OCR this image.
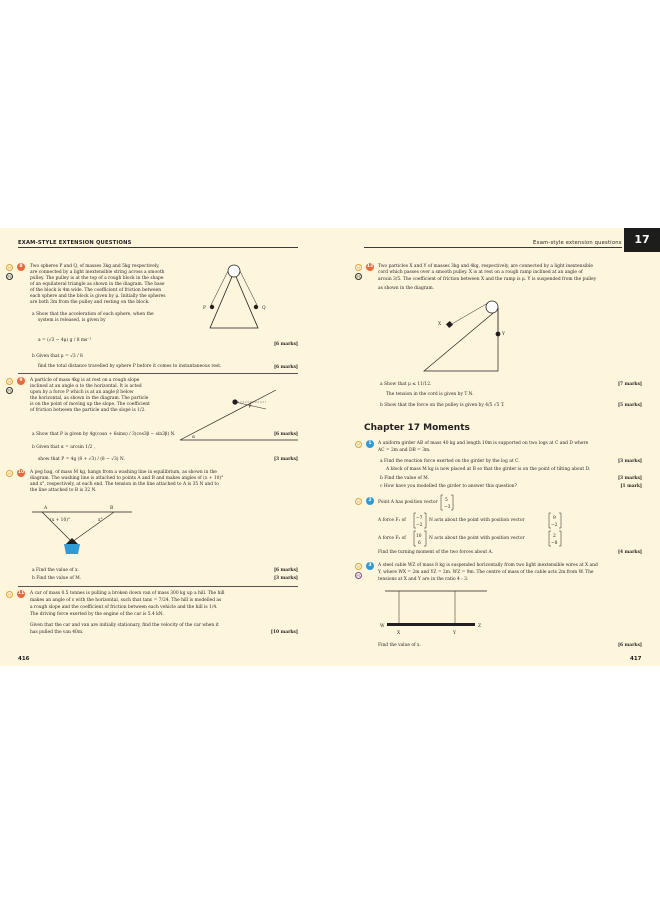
EXAM-STYLE EXTENSION QUESTIONS	Exam-style extension questions	17
M
PS
8	Two spheres P and Q, of masses 3kg and 5kg respectively,
are connected by a light inextensible string across a smooth
pulley. The pulley is at the top of a rough block in the shape
of an equilateral triangle as shown in the diagram. The base
of the block is 4m wide. The coefficient of friction between
each sphere and the block is given by μ. Initially the spheres
are both 3m from the pulley and resting on the block.
a Show that the acceleration of each sphere, when the
system is released, is given by
a = (√3 − 4μ) g / 8 ms⁻²
[6 marks]
b Given that μ = √3 / 8
find the total distance travelled by sphere P before it comes to instantaneous rest.	[6 marks]
P	Q
M
PS
9	A particle of mass 4kg is at rest on a rough slope
inclined at an angle α to the horizontal. It is acted
upon by a force P which is at an angle β below
the horizontal, as shown in the diagram. The particle
is on the point of moving up the slope. The coefficient
of friction between the particle and the slope is 1/2.
a Show that P is given by 4g(cosα + 6sinα) / 3(cos3β − sin3β) N.	[6 marks]
b Given that α = arcsin 1/2 ,
show that P = 4g (8 + √3) / (8 − √3) N.	[3 marks]
β
α
M	10 A peg bag, of mass M kg, hangs from a washing line in equilibrium, as shown in the
diagram. The washing line is attached to points A and B and makes angles of (x + 10)°
and x°, respectively, at each end. The tension in the line attached to A is 35 N and to
the line attached to B is 32 N.
A	B
(x + 10)°	x°
a Find the value of x.	[6 marks]
b Find the value of M.	[3 marks]
M	11 A car of mass 0.5 tonnes is pulling a broken down van of mass 300 kg up a hill. The hill
makes an angle of ε with the horizontal, such that tanε = 7/24. The hill is modelled as
a rough slope and the coefficient of friction between each vehicle and the hill is 1/4.
The driving force exerted by the engine of the car is 5.4 kN.
Given that the car and van are initially stationary, find the velocity of the car when it
has pulled the van 40m.	[10 marks]
416
M
PS
12 Two particles X and Y of masses 3kg and 4kg, respectively, are connected by a light inextensible
cord which passes over a smooth pulley. X is at rest on a rough ramp inclined at an angle of
arcsin 3/5. The coefficient of friction between X and the ramp is μ. Y is suspended from the pulley
as shown in the diagram.
X
Y
a Show that μ ≤ 11/12.	[7 marks]
The tension in the cord is given by T N.
b Show that the force on the pulley is given by 4/5 √5 T.	[5 marks]
Chapter 17 Moments
M	1	A uniform girder AB of mass 40 kg and length 10m is supported on two logs at C and D where
AC = 2m and DB = 3m.
a Find the reaction force exerted on the girder by the log at C.	[3 marks]
A block of mass M kg is now placed at B so that the girder is on the point of tilting about D.
b Find the value of M.	[3 marks]
c How have you modelled the girder to answer this question?	[1 mark]
M	2	Point A has position vector 5
−3
A force F₁ of −7
−2
N acts about the point with position vector	9
−2
A force F₂ of 10
6
N acts about the point with position vector	2
−8
Find the turning moment of the two forces about A.	[4 marks]
M
PS
3	A steel cable WZ of mass 8 kg is suspended horizontally from two light inextensible wires at X and
Y, where WX = 2m and YZ = 2m. WZ = 9m. The centre of mass of the cable acts 2m from W. The
tensions at X and Y are in the ratio 4 : 3.
W	Z
X	Y
Find the value of x.	[6 marks]
417
